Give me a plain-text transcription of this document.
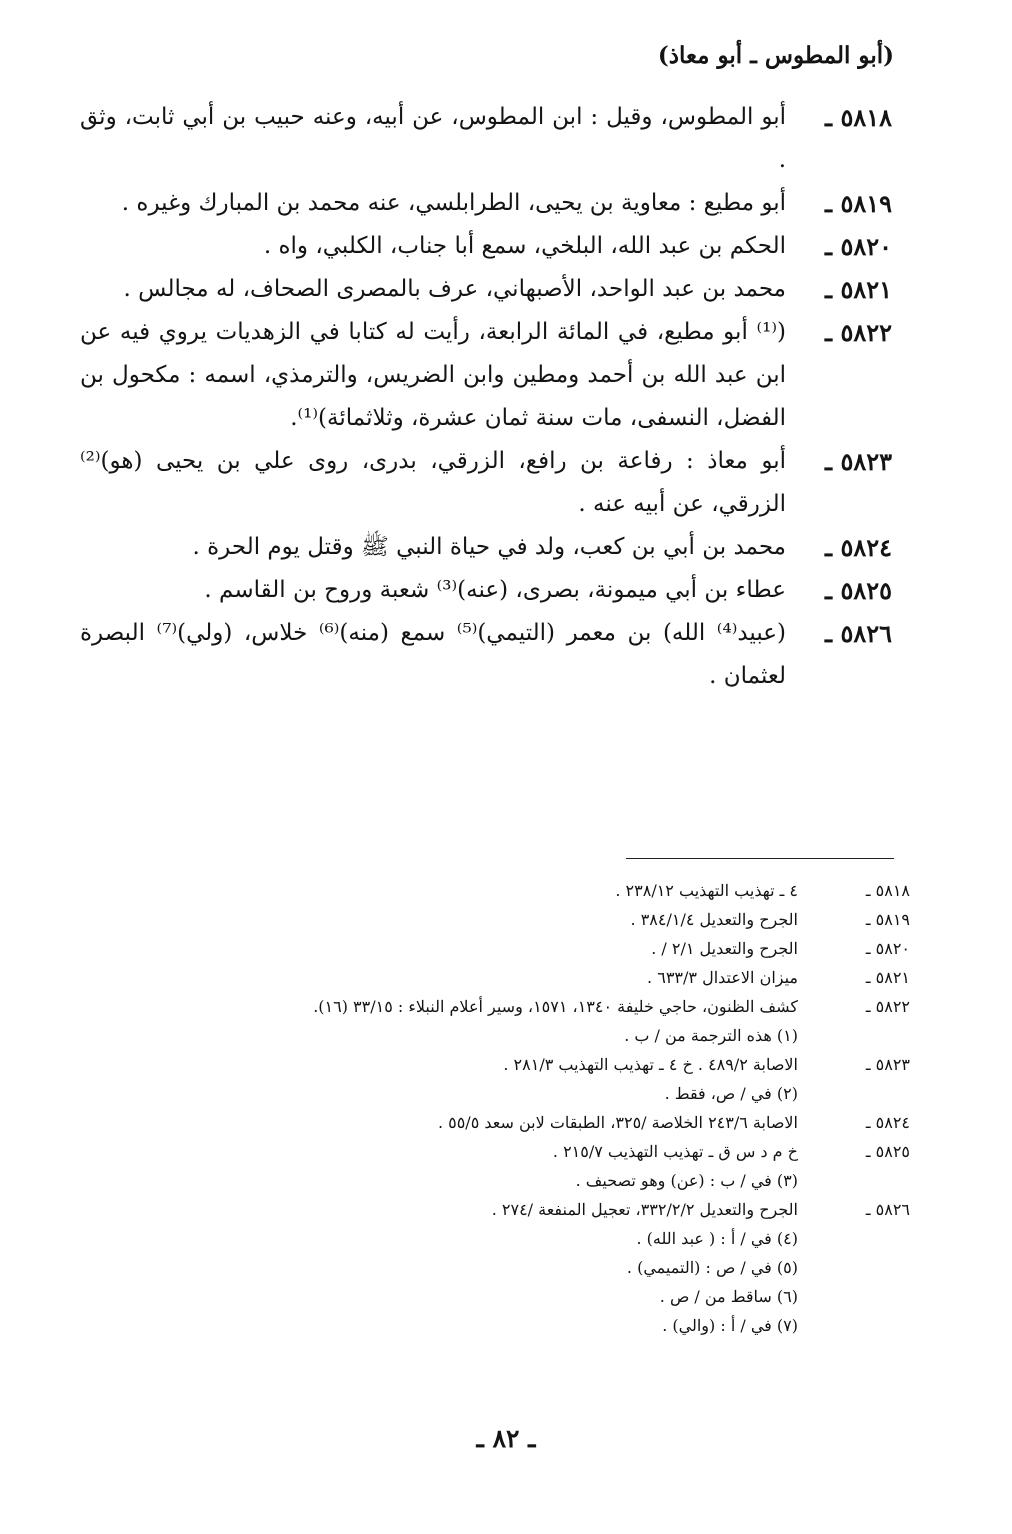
(أبو المطوس ـ أبو معاذ)
٥٨١٨ ـ
أبو المطوس، وقيل : ابن المطوس، عن أبيه، وعنه حبيب بن أبي ثابت، وثق .
٥٨١٩ ـ
أبو مطيع : معاوية بن يحيى، الطرابلسي، عنه محمد بن المبارك وغيره .
٥٨٢٠ ـ
الحكم بن عبد الله، البلخي، سمع أبا جناب، الكلبي، واه .
٥٨٢١ ـ
محمد بن عبد الواحد، الأصبهاني، عرف بالمصرى الصحاف، له مجالس .
٥٨٢٢ ـ
(⁽¹⁾ أبو مطيع، في المائة الرابعة، رأيت له كتابا في الزهديات يروي فيه عن ابن عبد الله بن أحمد ومطين وابن الضريس، والترمذي، اسمه : مكحول بن الفضل، النسفى، مات سنة ثمان عشرة، وثلاثمائة)⁽¹⁾.
٥٨٢٣ ـ
أبو معاذ : رفاعة بن رافع، الزرقي، بدرى، روى علي بن يحيى (هو)⁽²⁾ الزرقي، عن أبيه عنه .
٥٨٢٤ ـ
محمد بن أبي بن كعب، ولد في حياة النبي ﷺ وقتل يوم الحرة .
٥٨٢٥ ـ
عطاء بن أبي ميمونة، بصرى، (عنه)⁽³⁾ شعبة وروح بن القاسم .
٥٨٢٦ ـ
(عبيد⁽⁴⁾ الله) بن معمر (التيمي)⁽⁵⁾ سمع (منه)⁽⁶⁾ خلاس، (ولي)⁽⁷⁾ البصرة لعثمان .
٥٨١٨ ـ
٤ ـ تهذيب التهذيب ٢٣٨/١٢ .
٥٨١٩ ـ
الجرح والتعديل ٣٨٤/١/٤ .
٥٨٢٠ ـ
الجرح والتعديل ٢/١ / .
٥٨٢١ ـ
ميزان الاعتدال ٦٣٣/٣ .
٥٨٢٢ ـ
كشف الظنون، حاجي خليفة ١٣٤٠، ١٥٧١، وسير أعلام النبلاء : ٣٣/١٥ (١٦).
(١) هذه الترجمة من / ب .
٥٨٢٣ ـ
الاصابة ٤٨٩/٢ . خ ٤ ـ تهذيب التهذيب ٢٨١/٣ .
(٢) في / ص، فقط .
٥٨٢٤ ـ
الاصابة ٢٤٣/٦ الخلاصة /٣٢٥، الطبقات لابن سعد ٥٥/٥ .
٥٨٢٥ ـ
خ م د س ق ـ تهذيب التهذيب ٢١٥/٧ .
(٣) في / ب : (عن) وهو تصحيف .
٥٨٢٦ ـ
الجرح والتعديل ٣٣٢/٢/٢، تعجيل المنفعة /٢٧٤ .
(٤) في / أ : ( عبد الله) .
(٥) في / ص : (التميمي) .
(٦) ساقط من / ص .
(٧) في / أ : (والي) .
ـ ٨٢ ـ
